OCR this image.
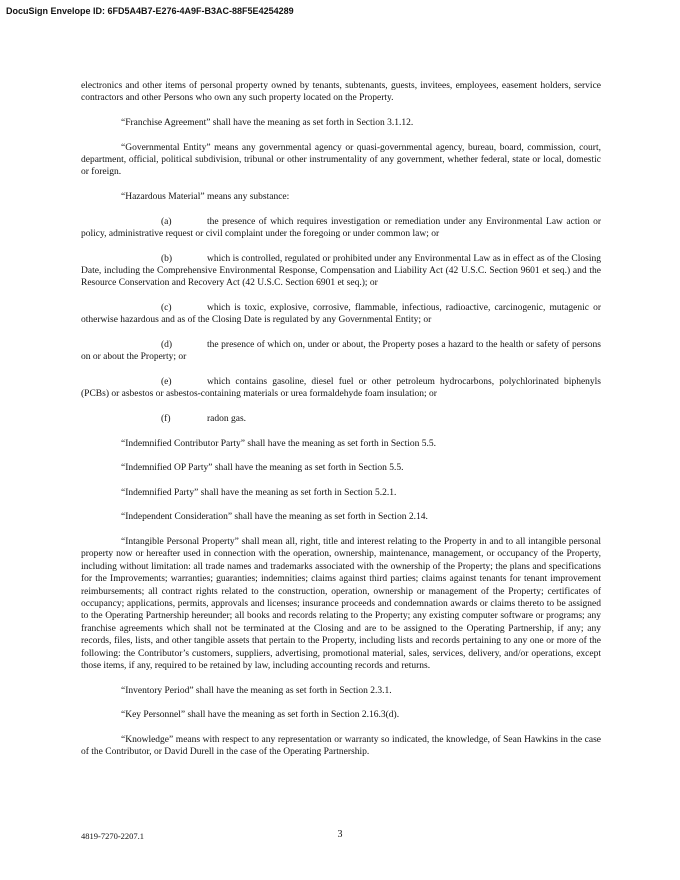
DocuSign Envelope ID: 6FD5A4B7-E276-4A9F-B3AC-88F5E4254289

electronics and other items of personal property owned by tenants, subtenants, guests, invitees, employees, easement holders, service contractors and other Persons who own any such property located on the Property.

“Franchise Agreement” shall have the meaning as set forth in Section 3.1.12.

“Governmental Entity” means any governmental agency or quasi-governmental agency, bureau, board, commission, court, department, official, political subdivision, tribunal or other instrumentality of any government, whether federal, state or local, domestic or foreign.

“Hazardous Material” means any substance:

(a)	the presence of which requires investigation or remediation under any Environmental Law action or policy, administrative request or civil complaint under the foregoing or under common law; or

(b)	which is controlled, regulated or prohibited under any Environmental Law as in effect as of the Closing Date, including the Comprehensive Environmental Response, Compensation and Liability Act (42 U.S.C. Section 9601 et seq.) and the Resource Conservation and Recovery Act (42 U.S.C. Section 6901 et seq.); or

(c)	which is toxic, explosive, corrosive, flammable, infectious, radioactive, carcinogenic, mutagenic or otherwise hazardous and as of the Closing Date is regulated by any Governmental Entity; or

(d)	the presence of which on, under or about, the Property poses a hazard to the health or safety of persons on or about the Property; or

(e)	which contains gasoline, diesel fuel or other petroleum hydrocarbons, polychlorinated biphenyls (PCBs) or asbestos or asbestos-containing materials or urea formaldehyde foam insulation; or

(f)	radon gas.

“Indemnified Contributor Party” shall have the meaning as set forth in Section 5.5.

“Indemnified OP Party” shall have the meaning as set forth in Section 5.5.

“Indemnified Party” shall have the meaning as set forth in Section 5.2.1.

“Independent Consideration” shall have the meaning as set forth in Section 2.14.

“Intangible Personal Property” shall mean all, right, title and interest relating to the Property in and to all intangible personal property now or hereafter used in connection with the operation, ownership, maintenance, management, or occupancy of the Property, including without limitation: all trade names and trademarks associated with the ownership of the Property; the plans and specifications for the Improvements; warranties; guaranties; indemnities; claims against third parties; claims against tenants for tenant improvement reimbursements; all contract rights related to the construction, operation, ownership or management of the Property; certificates of occupancy; applications, permits, approvals and licenses; insurance proceeds and condemnation awards or claims thereto to be assigned to the Operating Partnership hereunder; all books and records relating to the Property; any existing computer software or programs; any franchise agreements which shall not be terminated at the Closing and are to be assigned to the Operating Partnership, if any; any records, files, lists, and other tangible assets that pertain to the Property, including lists and records pertaining to any one or more of the following: the Contributor’s customers, suppliers, advertising, promotional material, sales, services, delivery, and/or operations, except those items, if any, required to be retained by law, including accounting records and returns.

“Inventory Period” shall have the meaning as set forth in Section 2.3.1.

“Key Personnel” shall have the meaning as set forth in Section 2.16.3(d).

“Knowledge” means with respect to any representation or warranty so indicated, the knowledge, of Sean Hawkins in the case of the Contributor, or David Durell in the case of the Operating Partnership.

4819-7270-2207.1	3
